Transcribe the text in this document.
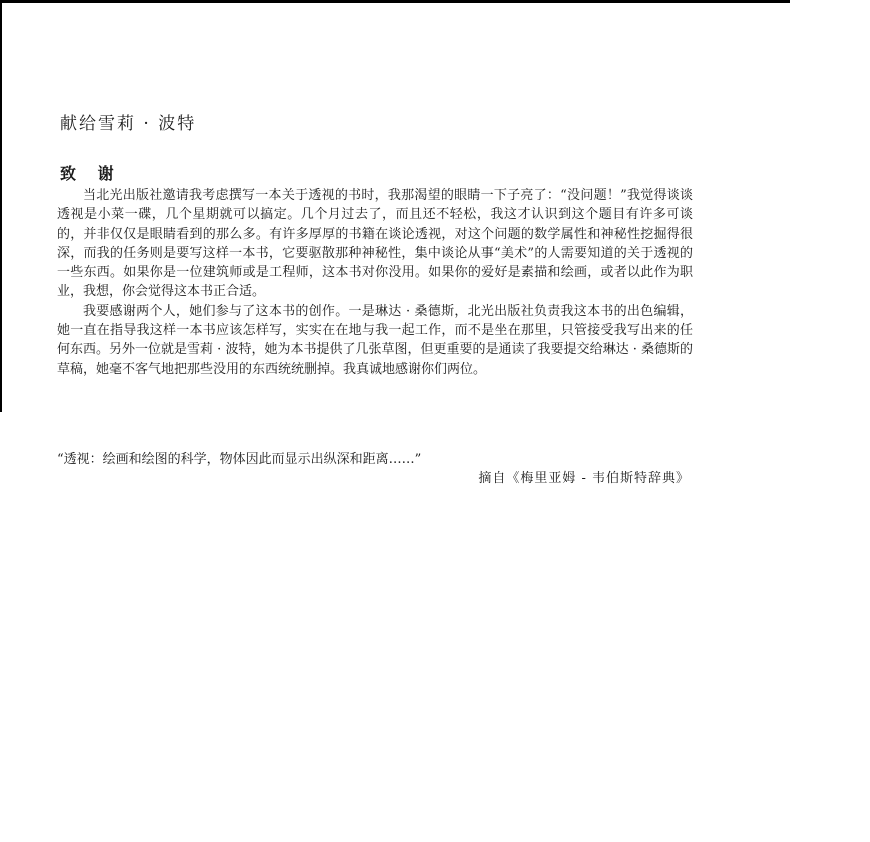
献给雪莉 · 波特
致 谢

当北光出版社邀请我考虑撰写一本关于透视的书时，我那渴望的眼睛一下子亮了：“没问题！”我觉得谈谈透视是小菜一碟，几个星期就可以搞定。几个月过去了，而且还不轻松，我这才认识到这个题目有许多可谈的，并非仅仅是眼睛看到的那么多。有许多厚厚的书籍在谈论透视，对这个问题的数学属性和神秘性挖掘得很深，而我的任务则是要写这样一本书，它要驱散那种神秘性，集中谈论从事“美术”的人需要知道的关于透视的一些东西。如果你是一位建筑师或是工程师，这本书对你没用。如果你的爱好是素描和绘画，或者以此作为职业，我想，你会觉得这本书正合适。

我要感谢两个人，她们参与了这本书的创作。一是琳达 · 桑德斯，北光出版社负责我这本书的出色编辑，她一直在指导我这样一本书应该怎样写，实实在在地与我一起工作，而不是坐在那里，只管接受我写出来的任何东西。另外一位就是雪莉 · 波特，她为本书提供了几张草图，但更重要的是通读了我要提交给琳达 · 桑德斯的草稿，她毫不客气地把那些没用的东西统统删掉。我真诚地感谢你们两位。

“透视：绘画和绘图的科学，物体因此而显示出纵深和距离……”
摘自《梅里亚姆 - 韦伯斯特辞典》
